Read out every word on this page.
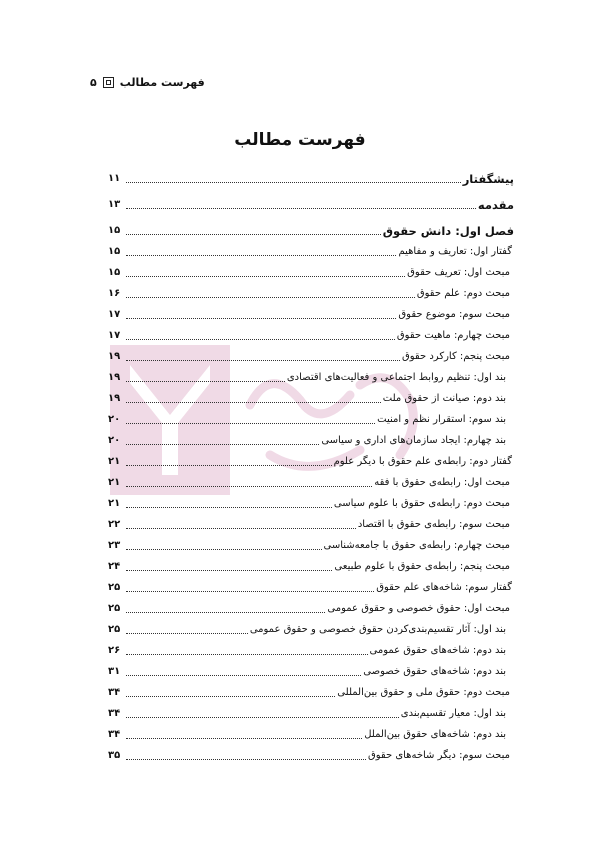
۵ فهرست مطالب
فهرست مطالب
پیشگفتار
۱۱
مقدمه
۱۳
فصل اول: دانش حقوق
۱۵
گفتار اول: تعاریف و مفاهیم
۱۵
مبحث اول: تعریف حقوق
۱۵
مبحث دوم: علم حقوق
۱۶
مبحث سوم: موضوع حقوق
۱۷
مبحث چهارم: ماهیت حقوق
۱۷
مبحث پنجم: کارکرد حقوق
۱۹
بند اول: تنظیم روابط اجتماعی و فعالیت‌های اقتصادی
۱۹
بند دوم: صیانت از حقوق ملت
۱۹
بند سوم: استقرار نظم و امنیت
۲۰
بند چهارم: ایجاد سازمان‌های اداری و سیاسی
۲۰
گفتار دوم: رابطه‌ی علم حقوق با دیگر علوم
۲۱
مبحث اول: رابطه‌ی حقوق با فقه
۲۱
مبحث دوم: رابطه‌ی حقوق با علوم سیاسی
۲۱
مبحث سوم: رابطه‌ی حقوق با اقتصاد
۲۲
مبحث چهارم: رابطه‌ی حقوق با جامعه‌شناسی
۲۳
مبحث پنجم: رابطه‌ی حقوق با علوم طبیعی
۲۴
گفتار سوم: شاخه‌های علم حقوق
۲۵
مبحث اول: حقوق خصوصی و حقوق عمومی
۲۵
بند اول: آثار تقسیم‌بندی‌کردن حقوق خصوصی و حقوق عمومی
۲۵
بند دوم: شاخه‌های حقوق عمومی
۲۶
بند دوم: شاخه‌های حقوق خصوصی
۳۱
مبحث دوم: حقوق ملی و حقوق بین‌المللی
۳۴
بند اول: معیار تقسیم‌بندی
۳۴
بند دوم: شاخه‌های حقوق بین‌الملل
۳۴
مبحث سوم: دیگر شاخه‌های حقوق
۳۵
